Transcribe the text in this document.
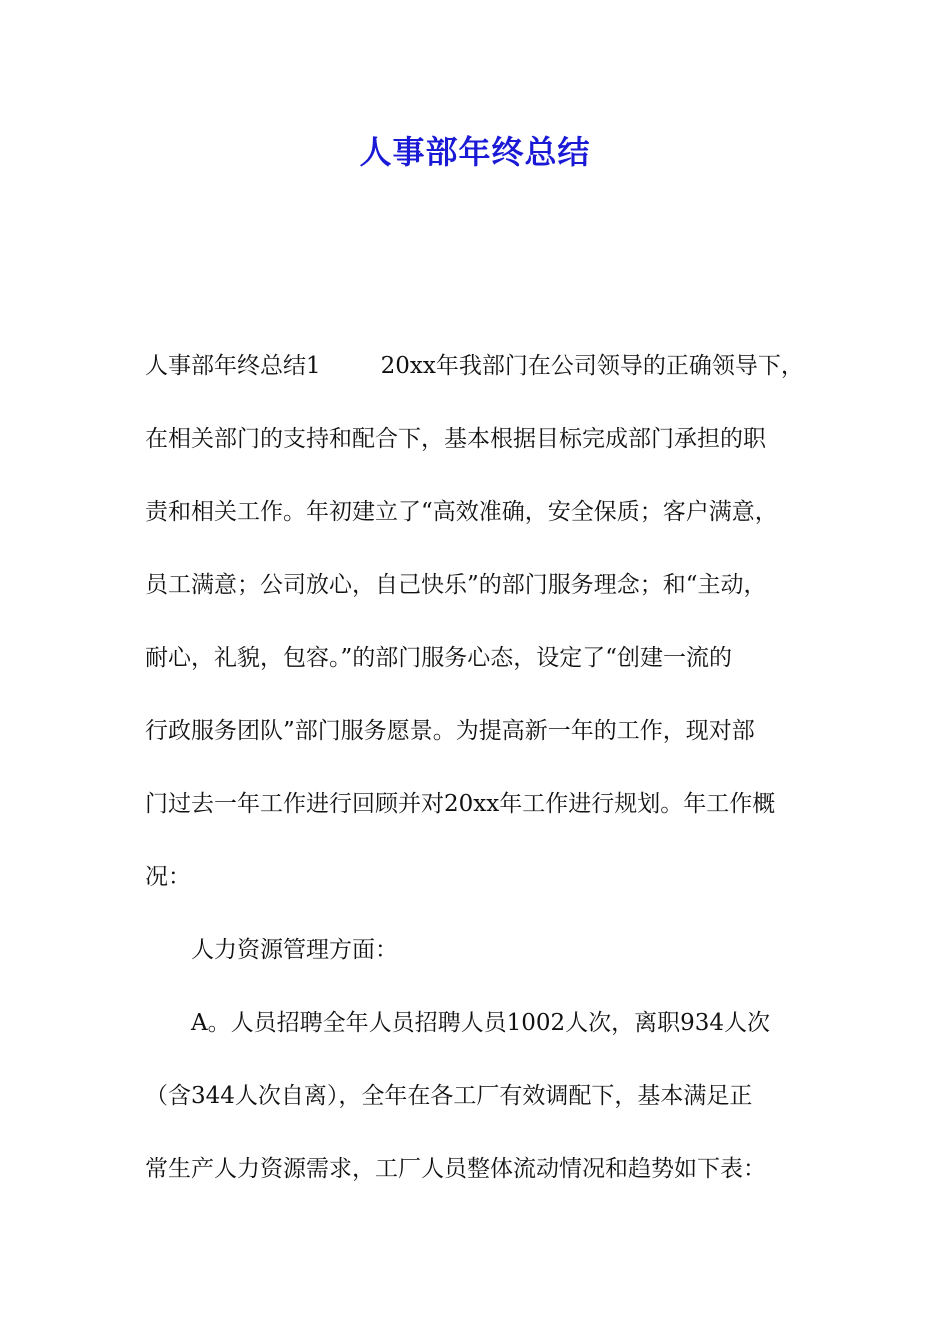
人事部年终总结
人事部年终总结1	20xx年我部门在公司领导的正确领导下，
在相关部门的支持和配合下，基本根据目标完成部门承担的职
责和相关工作。年初建立了“高效准确，安全保质；客户满意，
员工满意；公司放心，自己快乐”的部门服务理念；和“主动，
耐心，礼貌，包容。”的部门服务心态，设定了“创建一流的
行政服务团队”部门服务愿景。为提高新一年的工作，现对部
门过去一年工作进行回顾并对20xx年工作进行规划。年工作概
况：
人力资源管理方面：
A。人员招聘全年人员招聘人员1002人次，离职934人次
（含344人次自离），全年在各工厂有效调配下，基本满足正
常生产人力资源需求，工厂人员整体流动情况和趋势如下表：
